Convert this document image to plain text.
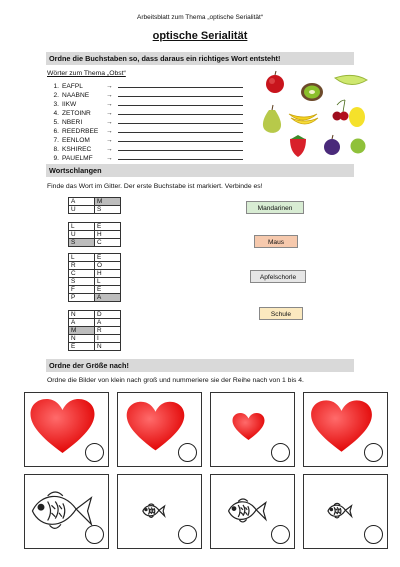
Arbeitsblatt zum Thema „optische Serialität“
optische Serialität
Ordne die Buchstaben so, dass daraus ein richtiges Wort entsteht!
Wörter zum Thema „Obst“
1. EAFPL	→
2. NAABNE	→
3. IIKW	→
4. ZETOINR →
5. NBERI	→
6. REEDRBEE →
7. EENLOM →
8. KSHIREC →
9. PAUELMF →
Wortschlangen
Finde das Wort im Gitter. Der erste Buchstabe ist markiert. Verbinde es!
A	M
U	S
L	E
U	H
S	C
L	E
R	O
C	H
S	L
F	E
P	A
N	D
A	A
M	R
N	I
E	N
Mandarinen
Maus
Apfelschorle
Schule
Ordne der Größe nach!
Ordne die Bilder von klein nach groß und nummeriere sie der Reihe nach von 1 bis 4.
